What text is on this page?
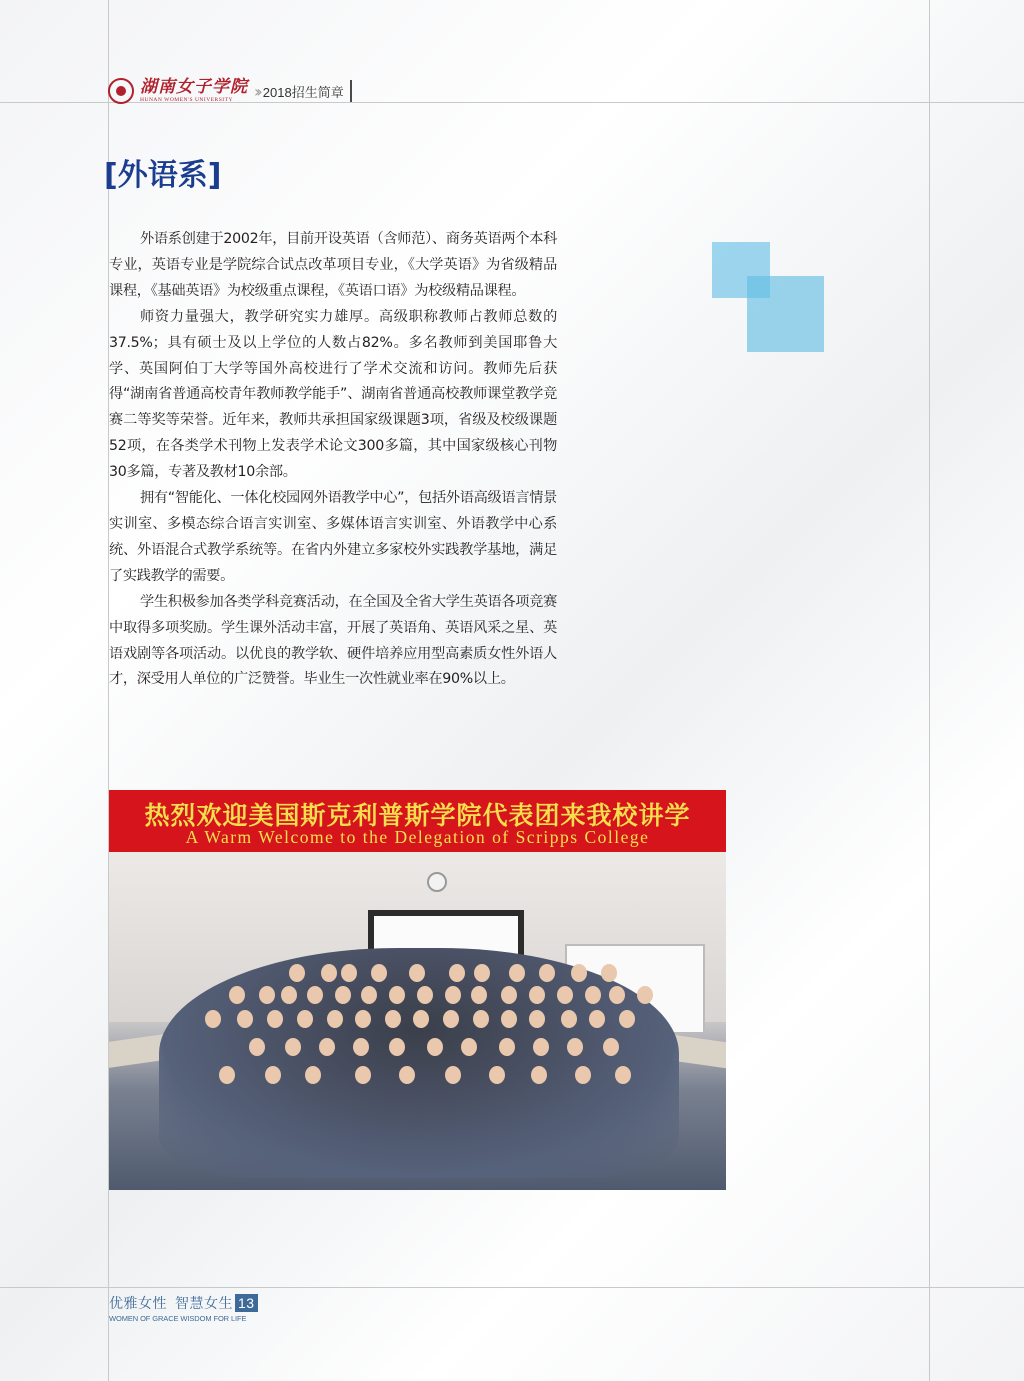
湖南女子学院
HUNAN WOMEN'S UNIVERSITY	›› 2018招生简章
[外语系]

外语系创建于2002年，目前开设英语（含师范）、商务英语两个本科专业，英语专业是学院综合试点改革项目专业，《大学英语》为省级精品课程，《基础英语》为校级重点课程，《英语口语》为校级精品课程。

师资力量强大，教学研究实力雄厚。高级职称教师占教师总数的37.5%；具有硕士及以上学位的人数占82%。多名教师到美国耶鲁大学、英国阿伯丁大学等国外高校进行了学术交流和访问。教师先后获得“湖南省普通高校青年教师教学能手”、湖南省普通高校教师课堂教学竞赛二等奖等荣誉。近年来，教师共承担国家级课题3项，省级及校级课题 52项，在各类学术刊物上发表学术论文300多篇，其中国家级核心刊物30多篇，专著及教材10余部。

拥有“智能化、一体化校园网外语教学中心”，包括外语高级语言情景实训室、多模态综合语言实训室、多媒体语言实训室、外语教学中心系统、外语混合式教学系统等。在省内外建立多家校外实践教学基地，满足了实践教学的需要。

学生积极参加各类学科竞赛活动，在全国及全省大学生英语各项竞赛中取得多项奖励。学生课外活动丰富，开展了英语角、英语风采之星、英语戏剧等各项活动。以优良的教学软、硬件培养应用型高素质女性外语人才，深受用人单位的广泛赞誉。毕业生一次性就业率在90%以上。

热烈欢迎美国斯克利普斯学院代表团来我校讲学
A Warm Welcome to the Delegation of Scripps College
优雅女性 智慧女生 13
WOMEN OF GRACE WISDOM FOR LIFE
